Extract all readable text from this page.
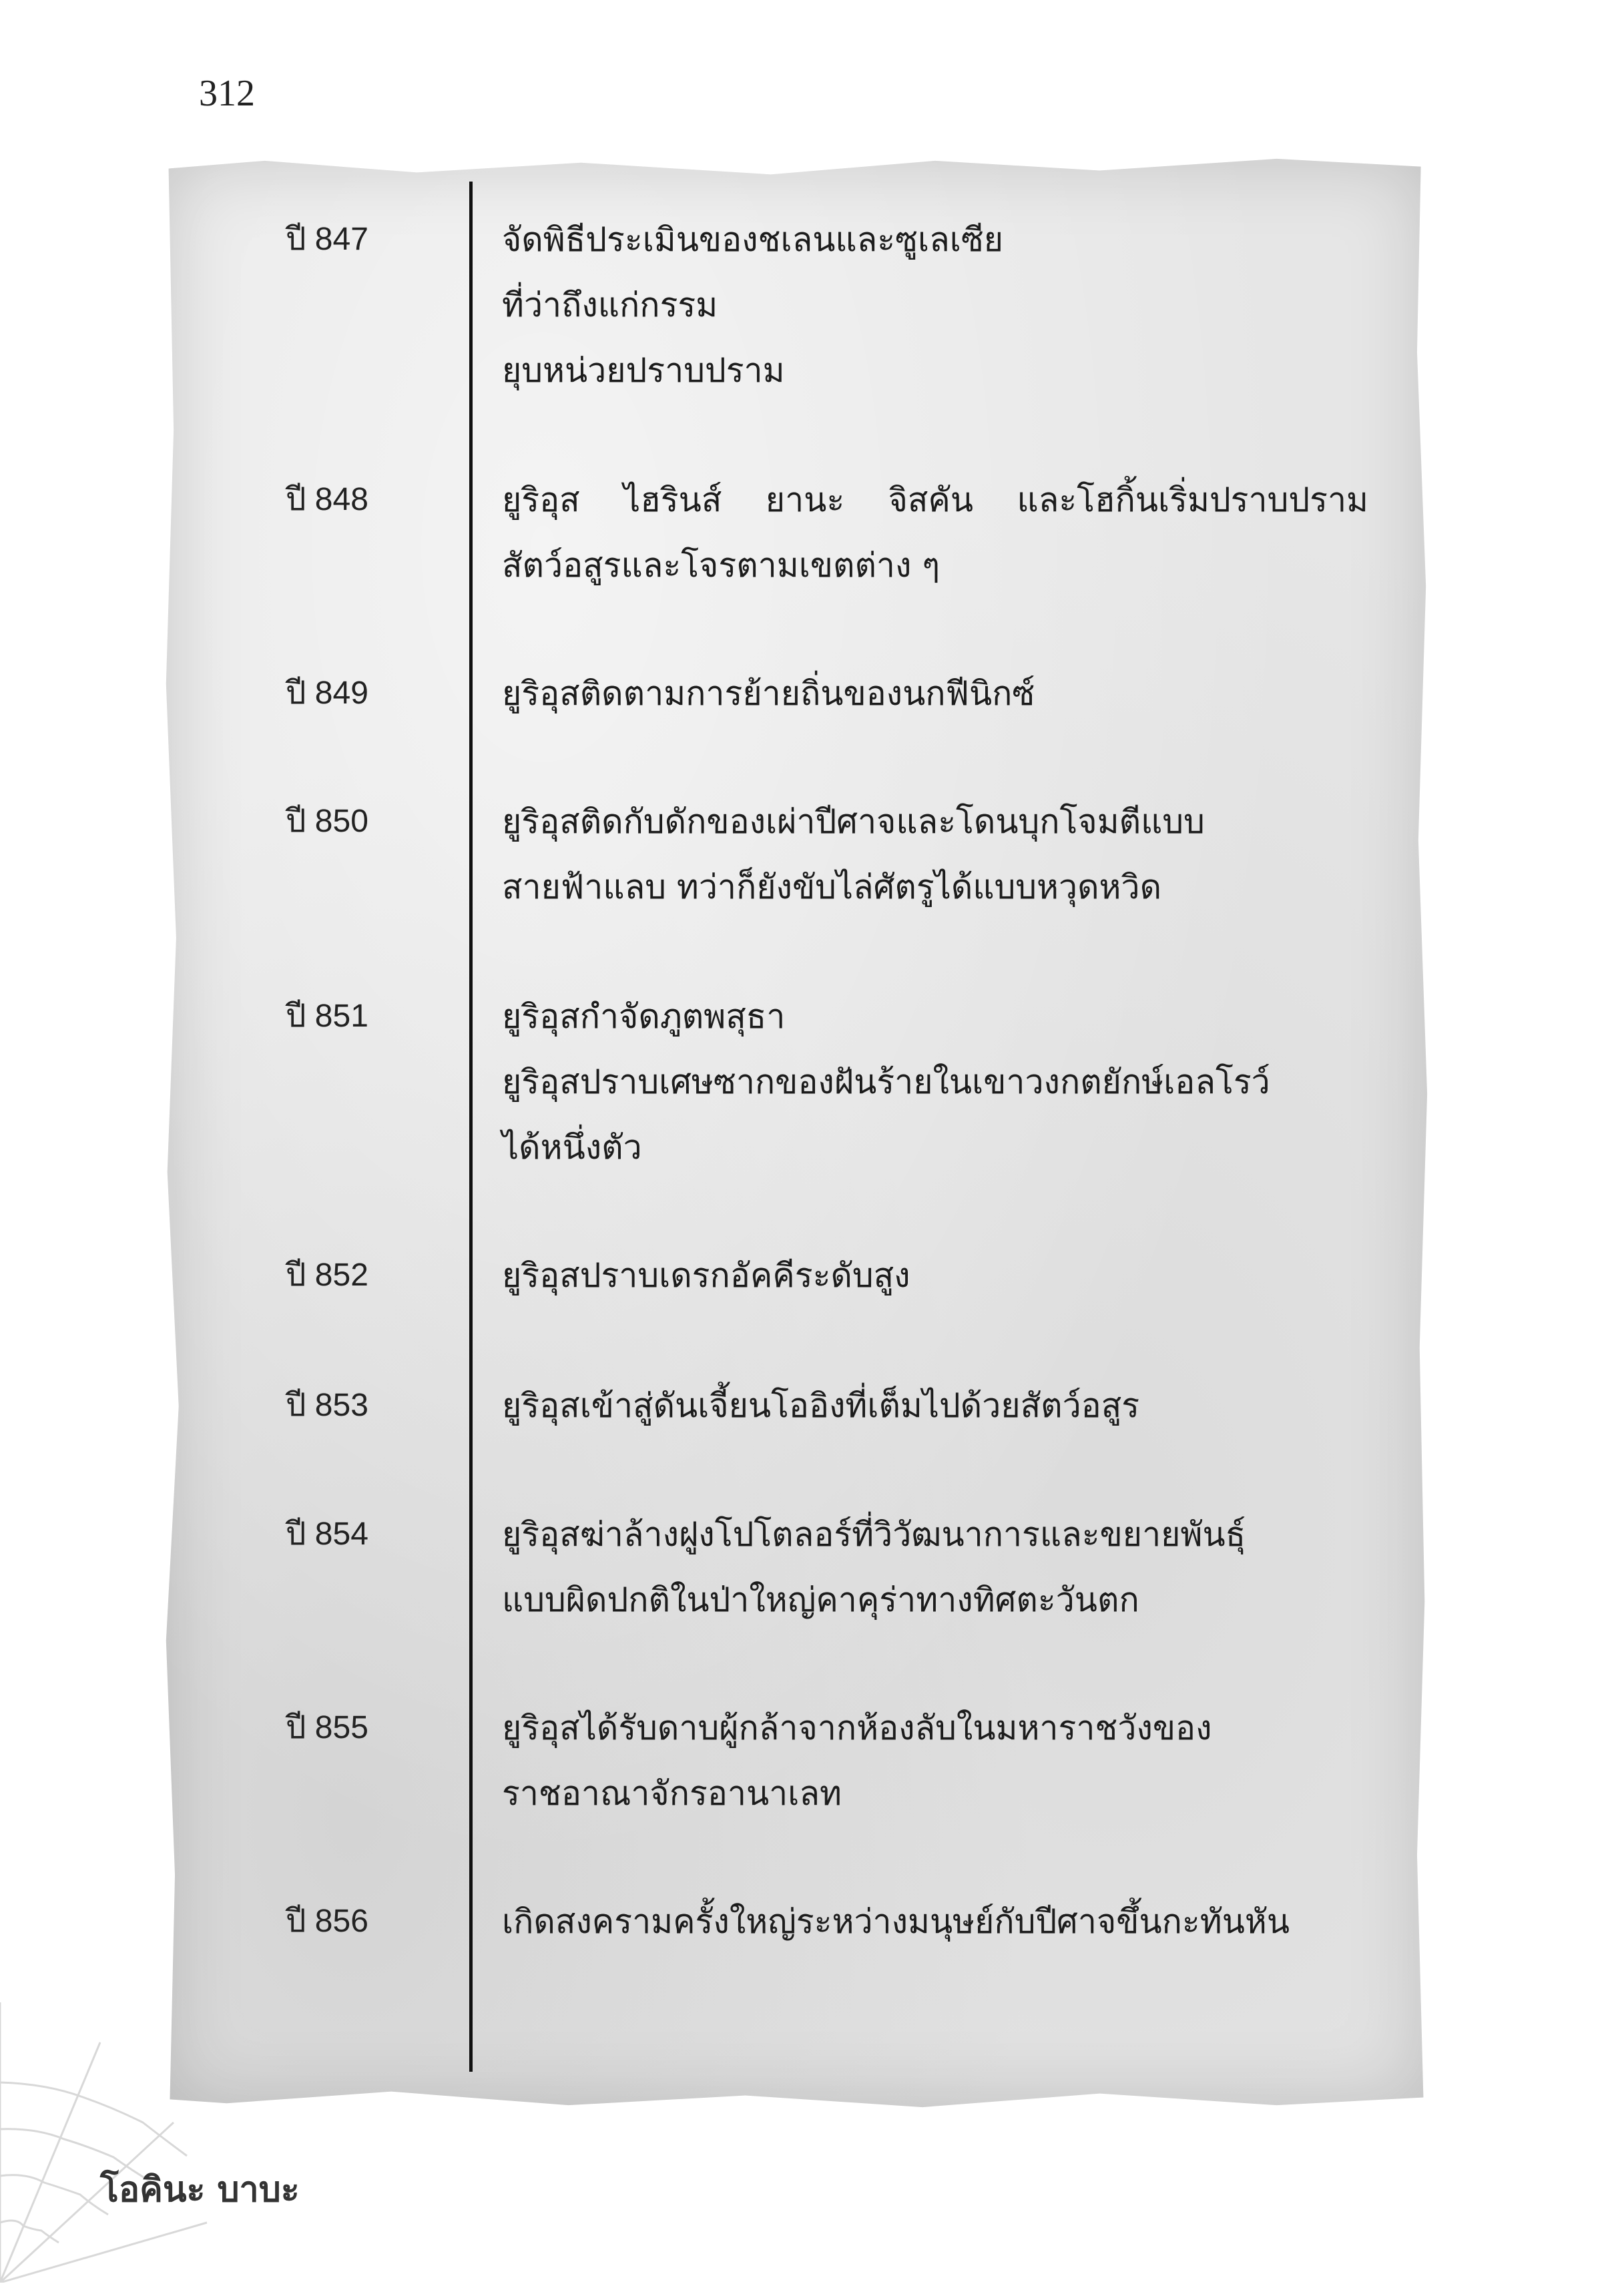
312
ปี 847	จัดพิธีประเมินของชเลนและซูเลเซีย
ที่ว่าถึงแก่กรรม
ยุบหน่วยปราบปราม
ปี 848	ยูริอุส ไฮรินส์ ยานะ จิสคัน และโฮกิ้นเริ่มปราบปราม
สัตว์อสูรและโจรตามเขตต่าง ๆ
ปี 849	ยูริอุสติดตามการย้ายถิ่นของนกฟีนิกซ์
ปี 850	ยูริอุสติดกับดักของเผ่าปีศาจและโดนบุกโจมตีแบบ
สายฟ้าแลบ ทว่าก็ยังขับไล่ศัตรูได้แบบหวุดหวิด
ปี 851	ยูริอุสกำจัดภูตพสุธา
ยูริอุสปราบเศษซากของฝันร้ายในเขาวงกตยักษ์เอลโรว์
ได้หนึ่งตัว
ปี 852	ยูริอุสปราบเดรกอัคคีระดับสูง
ปี 853	ยูริอุสเข้าสู่ดันเจี้ยนโออิงที่เต็มไปด้วยสัตว์อสูร
ปี 854	ยูริอุสฆ่าล้างฝูงโปโตลอร์ที่วิวัฒนาการและขยายพันธุ์
แบบผิดปกติในป่าใหญ่คาคุร่าทางทิศตะวันตก
ปี 855	ยูริอุสได้รับดาบผู้กล้าจากห้องลับในมหาราชวังของ
ราชอาณาจักรอานาเลท
ปี 856	เกิดสงครามครั้งใหญ่ระหว่างมนุษย์กับปีศาจขึ้นกะทันหัน
โอคินะ บาบะ
